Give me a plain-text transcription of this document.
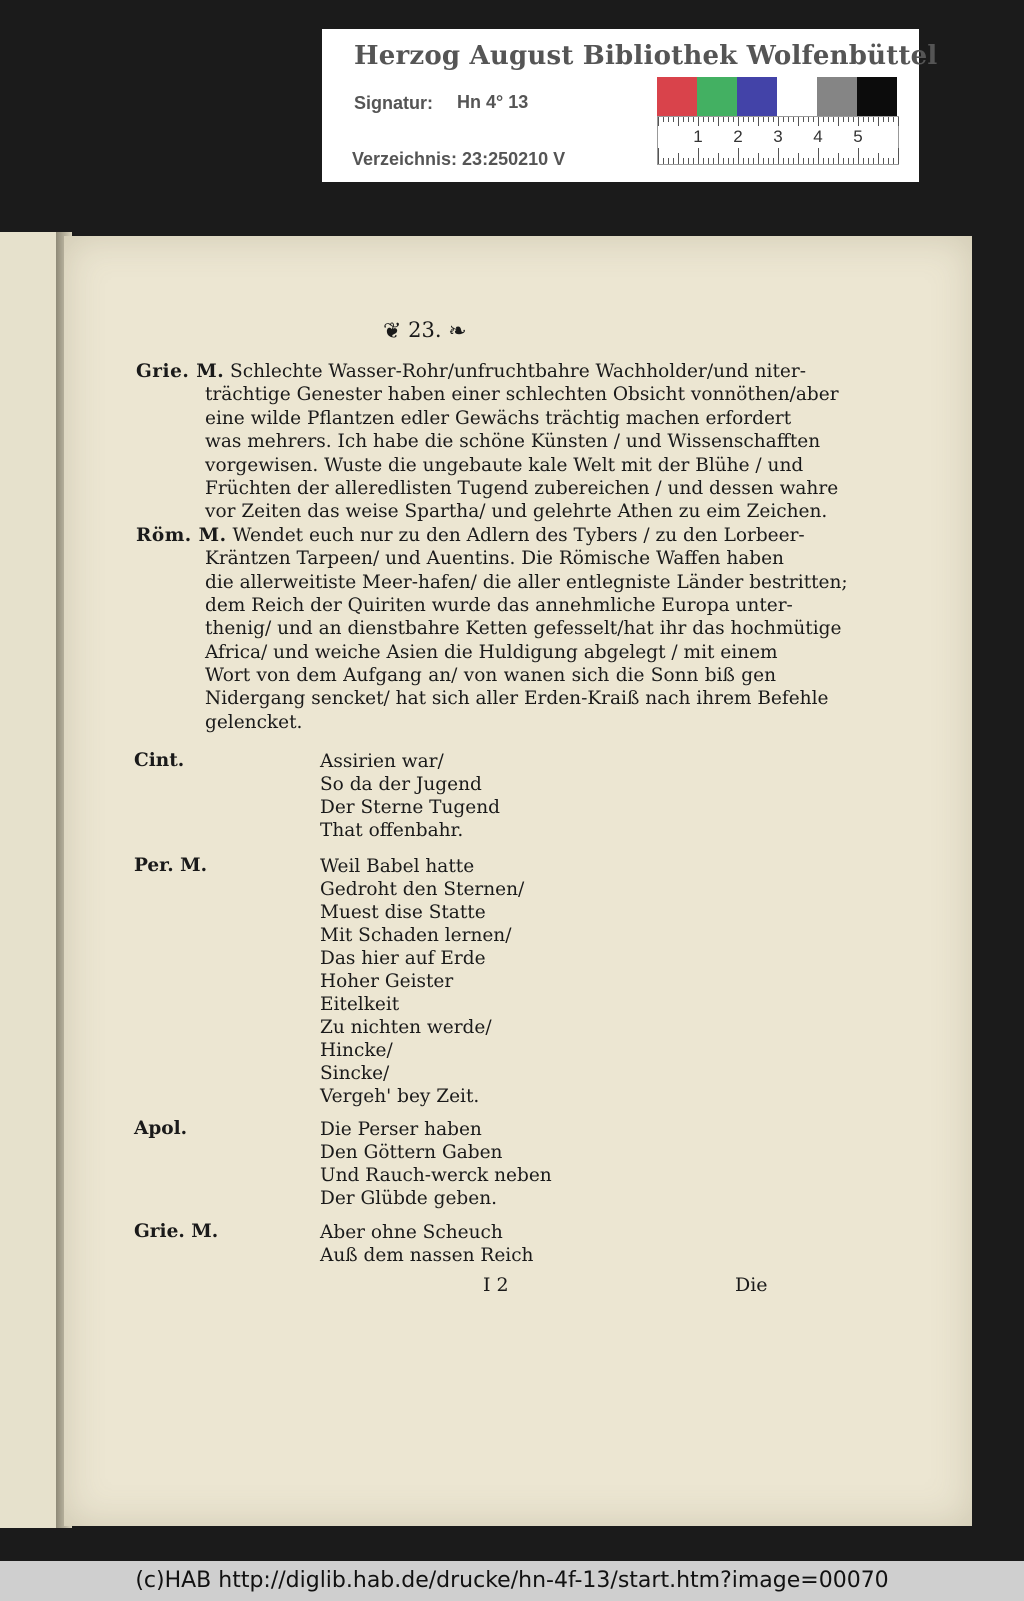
Herzog August Bibliothek Wolfenbüttel
Signatur: Hn 4° 13
Verzeichnis: 23:250210 V
1 2 3 4 5
❦ 23. ❧
Grie. M. Schlechte Wasser-Rohr/unfruchtbahre Wachholder/und niter-
trächtige Genester haben einer schlechten Obsicht vonnöthen/aber
eine wilde Pflantzen edler Gewächs trächtig machen erfordert
was mehrers. Ich habe die schöne Künsten / und Wissenschafften
vorgewisen. Wuste die ungebaute kale Welt mit der Blühe / und
Früchten der alleredlisten Tugend zubereichen / und dessen wahre
vor Zeiten das weise Spartha/ und gelehrte Athen zu eim Zeichen.
Röm. M. Wendet euch nur zu den Adlern des Tybers / zu den Lorbeer-
Kräntzen Tarpeen/ und Auentins. Die Römische Waffen haben
die allerweitiste Meer-hafen/ die aller entlegniste Länder bestritten;
dem Reich der Quiriten wurde das annehmliche Europa unter-
thenig/ und an dienstbahre Ketten gefesselt/hat ihr das hochmütige
Africa/ und weiche Asien die Huldigung abgelegt / mit einem
Wort von dem Aufgang an/ von wanen sich die Sonn biß gen
Nidergang sencket/ hat sich aller Erden-Kraiß nach ihrem Befehle
gelencket.
Cint.	Assirien war/
So da der Jugend
Der Sterne Tugend
That offenbahr.
Per. M.	Weil Babel hatte
Gedroht den Sternen/
Muest dise Statte
Mit Schaden lernen/
Das hier auf Erde
Hoher Geister
Eitelkeit
Zu nichten werde/
Hincke/
Sincke/
Vergeh' bey Zeit.
Apol.	Die Perser haben
Den Göttern Gaben
Und Rauch-werck neben
Der Glübde geben.
Grie. M.	Aber ohne Scheuch
Auß dem nassen Reich
I 2	Die
(c)HAB http://diglib.hab.de/drucke/hn-4f-13/start.htm?image=00070
